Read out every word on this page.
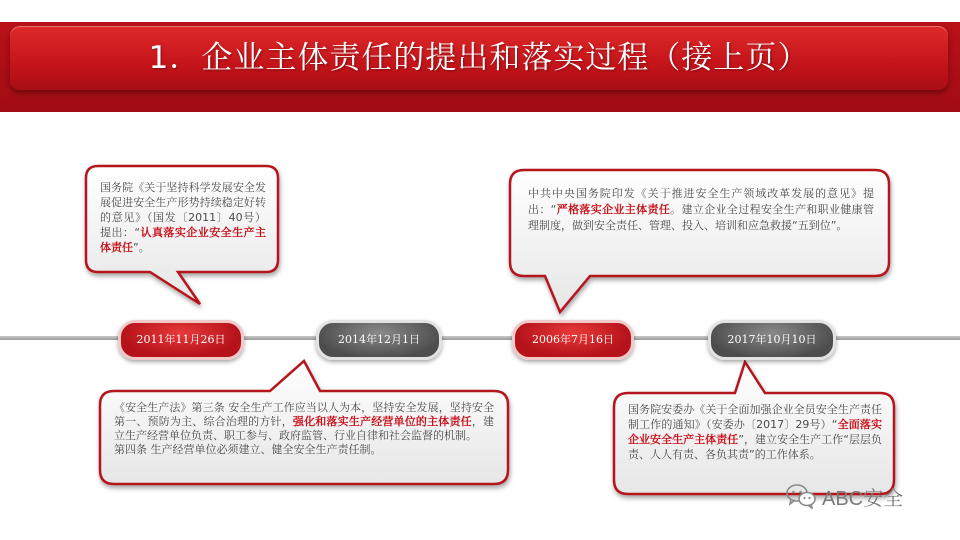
1．企业主体责任的提出和落实过程（接上页）
2011年11月26日	2014年12月1日	2006年7月16日	2017年10月10日
国务院《关于坚持科学发展安全发展促进安全生产形势持续稳定好转的意见》（国发〔2011〕40号）提出：“认真落实企业安全生产主体责任”。
中共中央国务院印发《关于推进安全生产领域改革发展的意见》提出：“严格落实企业主体责任。建立企业全过程安全生产和职业健康管理制度，做到安全责任、管理、投入、培训和应急救援“五到位”。
《安全生产法》第三条 安全生产工作应当以人为本，坚持安全发展，坚持安全第一、预防为主、综合治理的方针，强化和落实生产经营单位的主体责任，建立生产经营单位负责、职工参与、政府监管、行业自律和社会监督的机制。
第四条 生产经营单位必须建立、健全安全生产责任制。
国务院安委办《关于全面加强企业全员安全生产责任制工作的通知》（安委办〔2017〕29号）“全面落实企业安全生产主体责任”，建立安全生产工作“层层负责、人人有责、各负其责”的工作体系。
ABC安全
